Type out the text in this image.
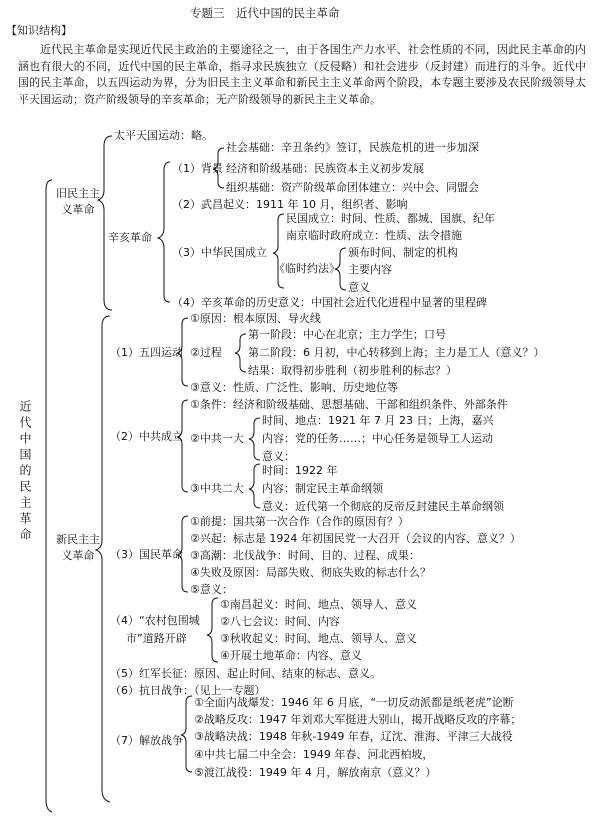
专题三　近代中国的民主革命
【知识结构】
近代民主革命是实现近代民主政治的主要途径之一，由于各国生产力水平、社会性质的不同，因此民主革命的内涵也有很大的不同，近代中国的民主革命，指寻求民族独立（反侵略）和社会进步（反封建）而进行的斗争。近代中国的民主革命，以五四运动为界，分为旧民主主义革命和新民主主义革命两个阶段，本专题主要涉及农民阶级领导太平天国运动；资产阶级领导的辛亥革命；无产阶级领导的新民主主义革命。
近代中国的民主革命
旧民主主义革命
太平天国运动：略。
辛亥革命
（1）背景
社会基础：辛丑条约》签订，民族危机的进一步加深
经济和阶级基础：民族资本主义初步发展
组织基础：资产阶级革命团体建立：兴中会、同盟会
（2）武昌起义：1911 年 10 月，组织者、影响
（3）中华民国成立
民国成立：时间、性质、都城、国旗、纪年
南京临时政府成立：性质、法令措施
《临时约法》
颁布时间、制定的机构
主要内容
意义
（4）辛亥革命的历史意义：中国社会近代化进程中显著的里程碑
新民主主义革命
（1）五四运动
①原因：根本原因、导火线
②过程
第一阶段：中心在北京；主力学生；口号
第二阶段：6 月初，中心转移到上海；主力是工人（意义？）
结果：取得初步胜利（初步胜利的标志？）
③意义：性质、广泛性、影响、历史地位等
（2）中共成立
①条件：经济和阶级基础、思想基础、干部和组织条件、外部条件
②中共一大
时间、地点：1921 年 7 月 23 日；上海，嘉兴
内容：党的任务……；中心任务是领导工人运动
意义：
③中共二大
时间：1922 年
内容：制定民主革命纲领
意义：近代第一个彻底的反帝反封建民主革命纲领
（3）国民革命
①前提：国共第一次合作（合作的原因有？）
②兴起：标志是 1924 年初国民党一大召开（会议的内容、意义？）
③高潮：北伐战争：时间、目的、过程、成果：
④失败及原因：局部失败、彻底失败的标志什么？
⑤意义：
（4）“农村包围城
市”道路开辟
①南昌起义：时间、地点、领导人、意义
②八七会议：时间、内容
③秋收起义：时间、地点、领导人、意义
④开展土地革命：内容、意义
（5）红军长征：原因、起止时间、结束的标志、意义。
（6）抗日战争：（见上一专题）
（7）解放战争
①全面内战爆发：1946 年 6 月底，“一切反动派都是纸老虎”论断
②战略反攻：1947 年刘邓大军挺进大别山，揭开战略反攻的序幕；
③战略决战：1948 年秋-1949 年春，辽沈、淮海、平津三大战役
④中共七届二中全会：1949 年春、河北西柏坡，
⑤渡江战役：1949 年 4 月，解放南京（意义？）
